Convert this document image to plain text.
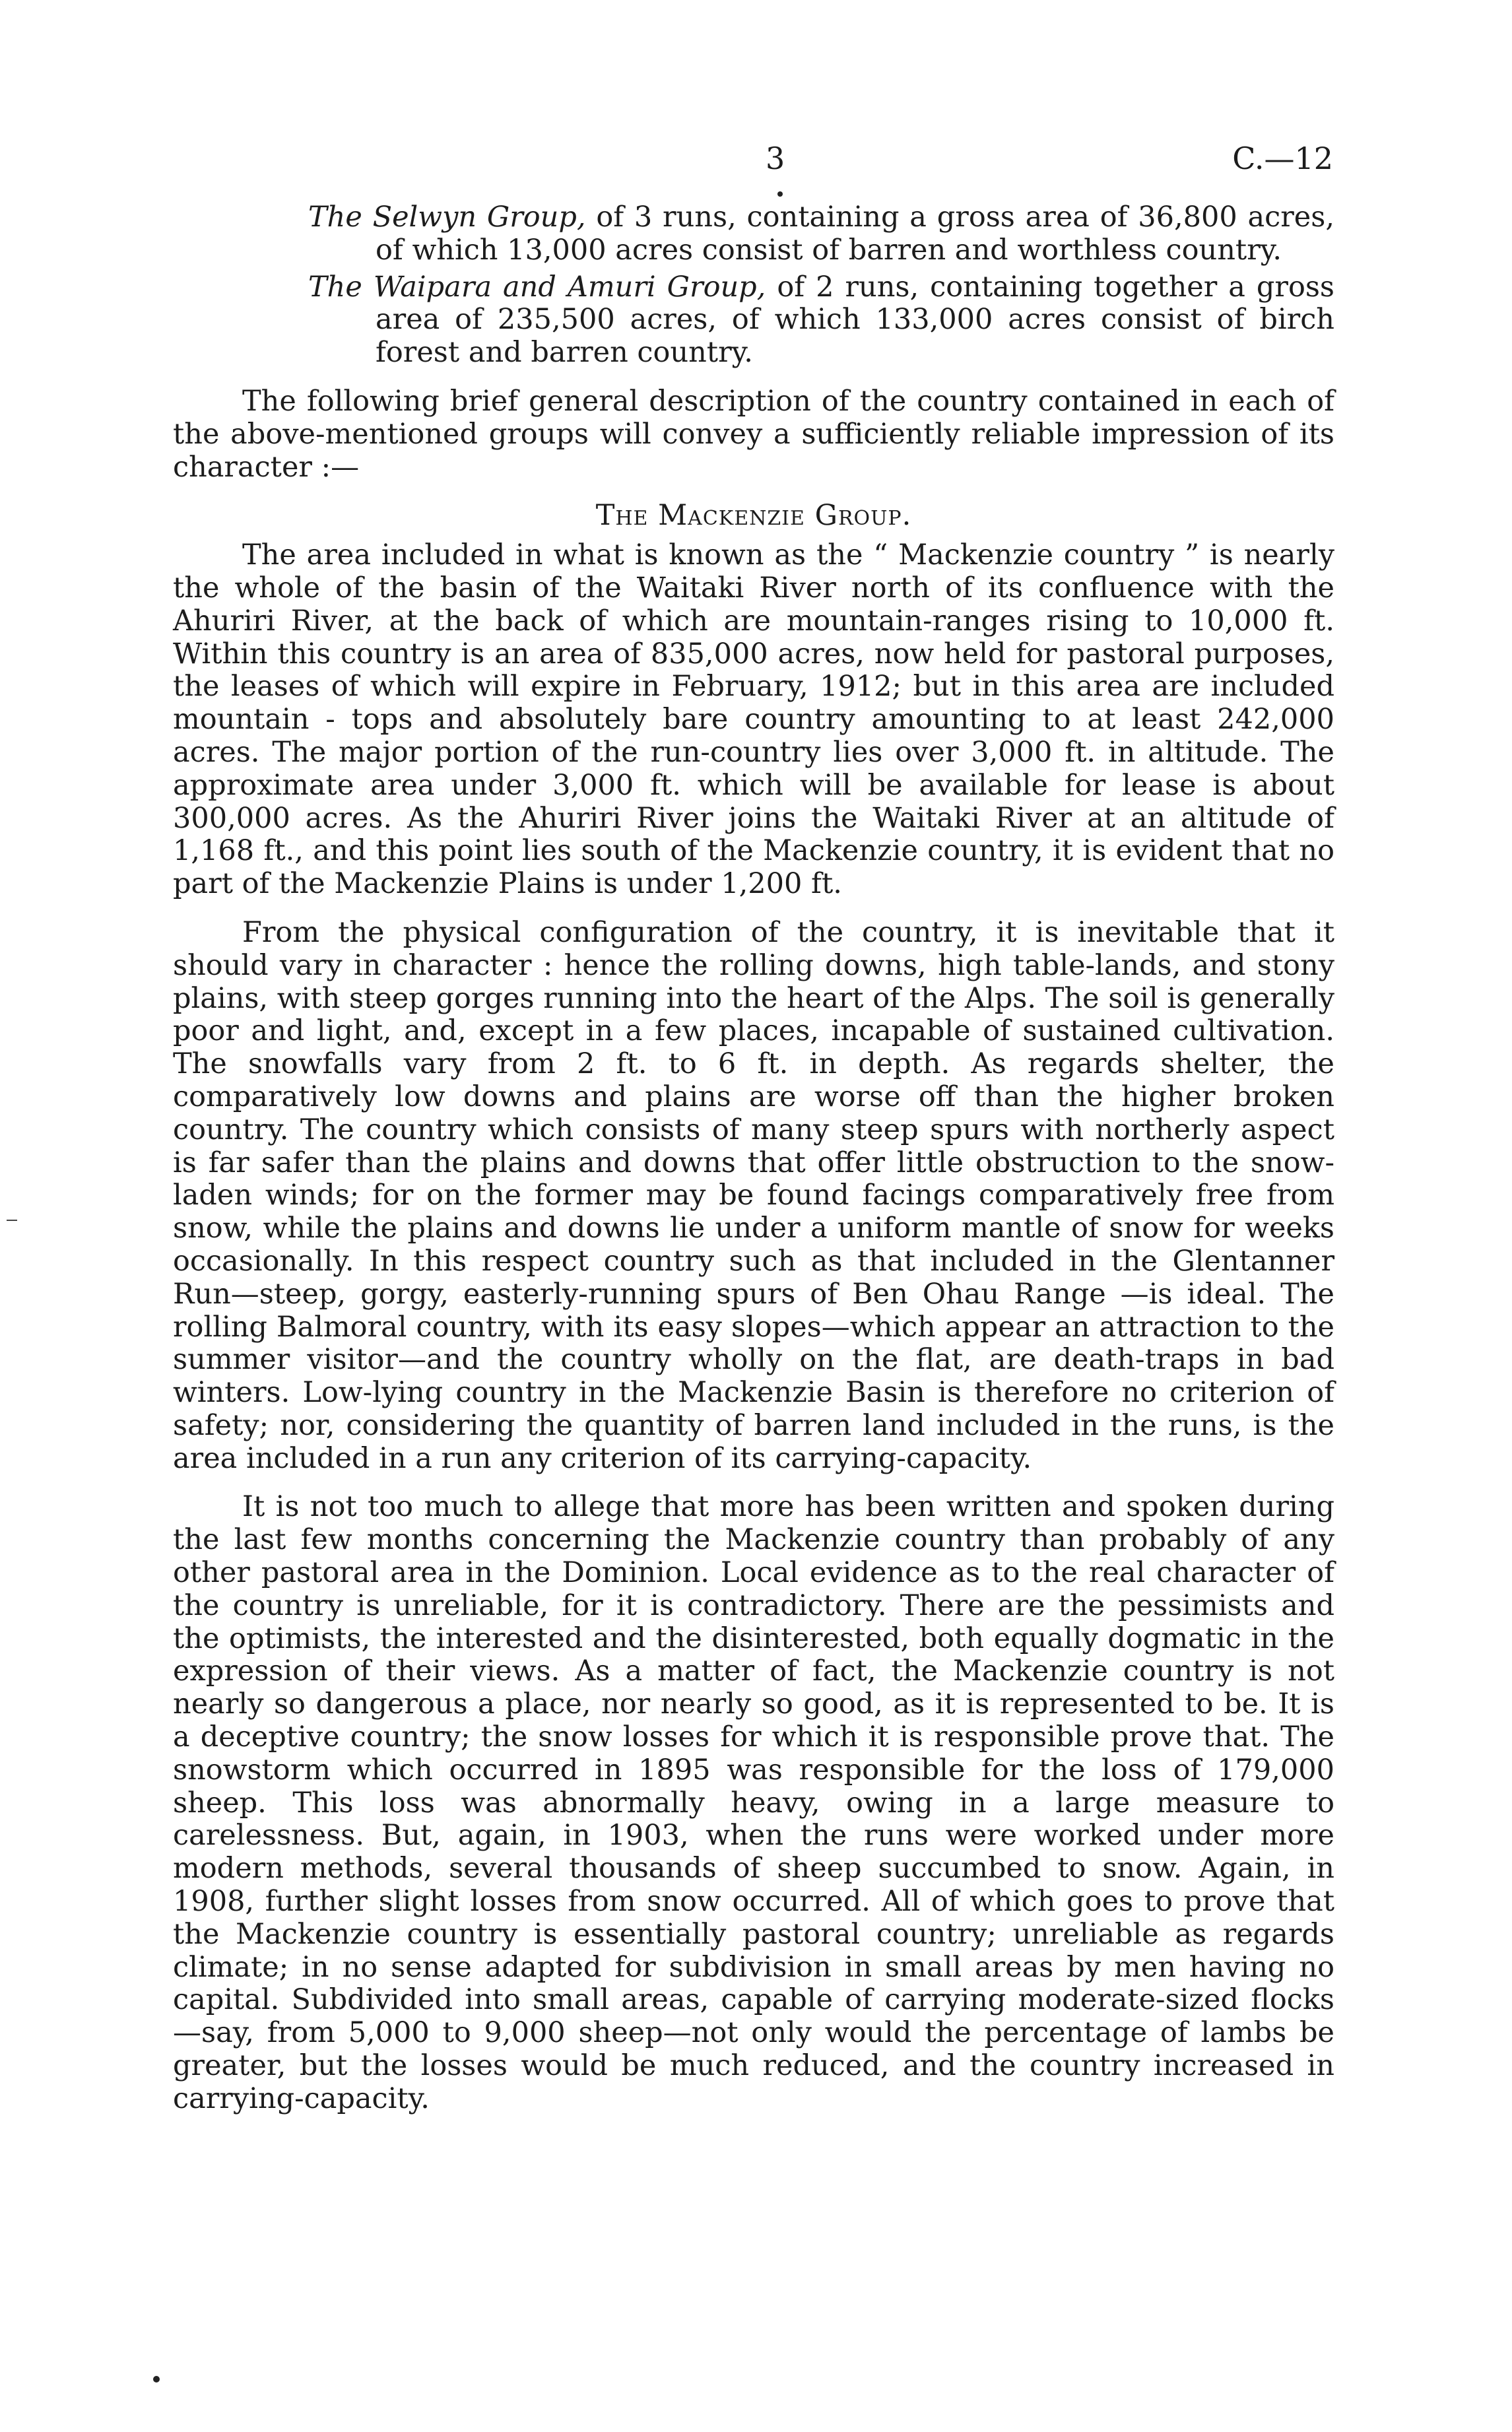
3	C.—12

The Selwyn Group, of 3 runs, containing a gross area of 36,800 acres, of which 13,000 acres consist of barren and worthless country.

The Waipara and Amuri Group, of 2 runs, containing together a gross area of 235,500 acres, of which 133,000 acres consist of birch forest and barren country.

The following brief general description of the country contained in each of the above-mentioned groups will convey a sufficiently reliable impression of its character :—

The Mackenzie Group.

The area included in what is known as the “ Mackenzie country ” is nearly the whole of the basin of the Waitaki River north of its confluence with the Ahuriri River, at the back of which are mountain-ranges rising to 10,000 ft. Within this country is an area of 835,000 acres, now held for pastoral purposes, the leases of which will expire in February, 1912; but in this area are included mountain - tops and absolutely bare country amounting to at least 242,000 acres. The major portion of the run-country lies over 3,000 ft. in altitude. The approximate area under 3,000 ft. which will be available for lease is about 300,000 acres. As the Ahuriri River joins the Waitaki River at an altitude of 1,168 ft., and this point lies south of the Mackenzie country, it is evident that no part of the Mackenzie Plains is under 1,200 ft.

From the physical configuration of the country, it is inevitable that it should vary in character : hence the rolling downs, high table-lands, and stony plains, with steep gorges running into the heart of the Alps. The soil is generally poor and light, and, except in a few places, incapable of sustained cultivation. The snowfalls vary from 2 ft. to 6 ft. in depth. As regards shelter, the comparatively low downs and plains are worse off than the higher broken country. The country which consists of many steep spurs with northerly aspect is far safer than the plains and downs that offer little obstruction to the snow-laden winds; for on the former may be found facings comparatively free from snow, while the plains and downs lie under a uniform mantle of snow for weeks occasionally. In this respect country such as that included in the Glentanner Run—steep, gorgy, easterly-running spurs of Ben Ohau Range —is ideal. The rolling Balmoral country, with its easy slopes—which appear an attraction to the summer visitor—and the country wholly on the flat, are death-traps in bad winters. Low-lying country in the Mackenzie Basin is therefore no criterion of safety; nor, considering the quantity of barren land included in the runs, is the area included in a run any criterion of its carrying-capacity.

It is not too much to allege that more has been written and spoken during the last few months concerning the Mackenzie country than probably of any other pastoral area in the Dominion. Local evidence as to the real character of the country is unreliable, for it is contradictory. There are the pessimists and the optimists, the interested and the disinterested, both equally dogmatic in the expression of their views. As a matter of fact, the Mackenzie country is not nearly so dangerous a place, nor nearly so good, as it is represented to be. It is a deceptive country; the snow losses for which it is responsible prove that. The snowstorm which occurred in 1895 was responsible for the loss of 179,000 sheep. This loss was abnormally heavy, owing in a large measure to carelessness. But, again, in 1903, when the runs were worked under more modern methods, several thousands of sheep succumbed to snow. Again, in 1908, further slight losses from snow occurred. All of which goes to prove that the Mackenzie country is essentially pastoral country; unreliable as regards climate; in no sense adapted for subdivision in small areas by men having no capital. Subdivided into small areas, capable of carrying moderate-sized flocks —say, from 5,000 to 9,000 sheep—not only would the percentage of lambs be greater, but the losses would be much reduced, and the country increased in carrying-capacity.
